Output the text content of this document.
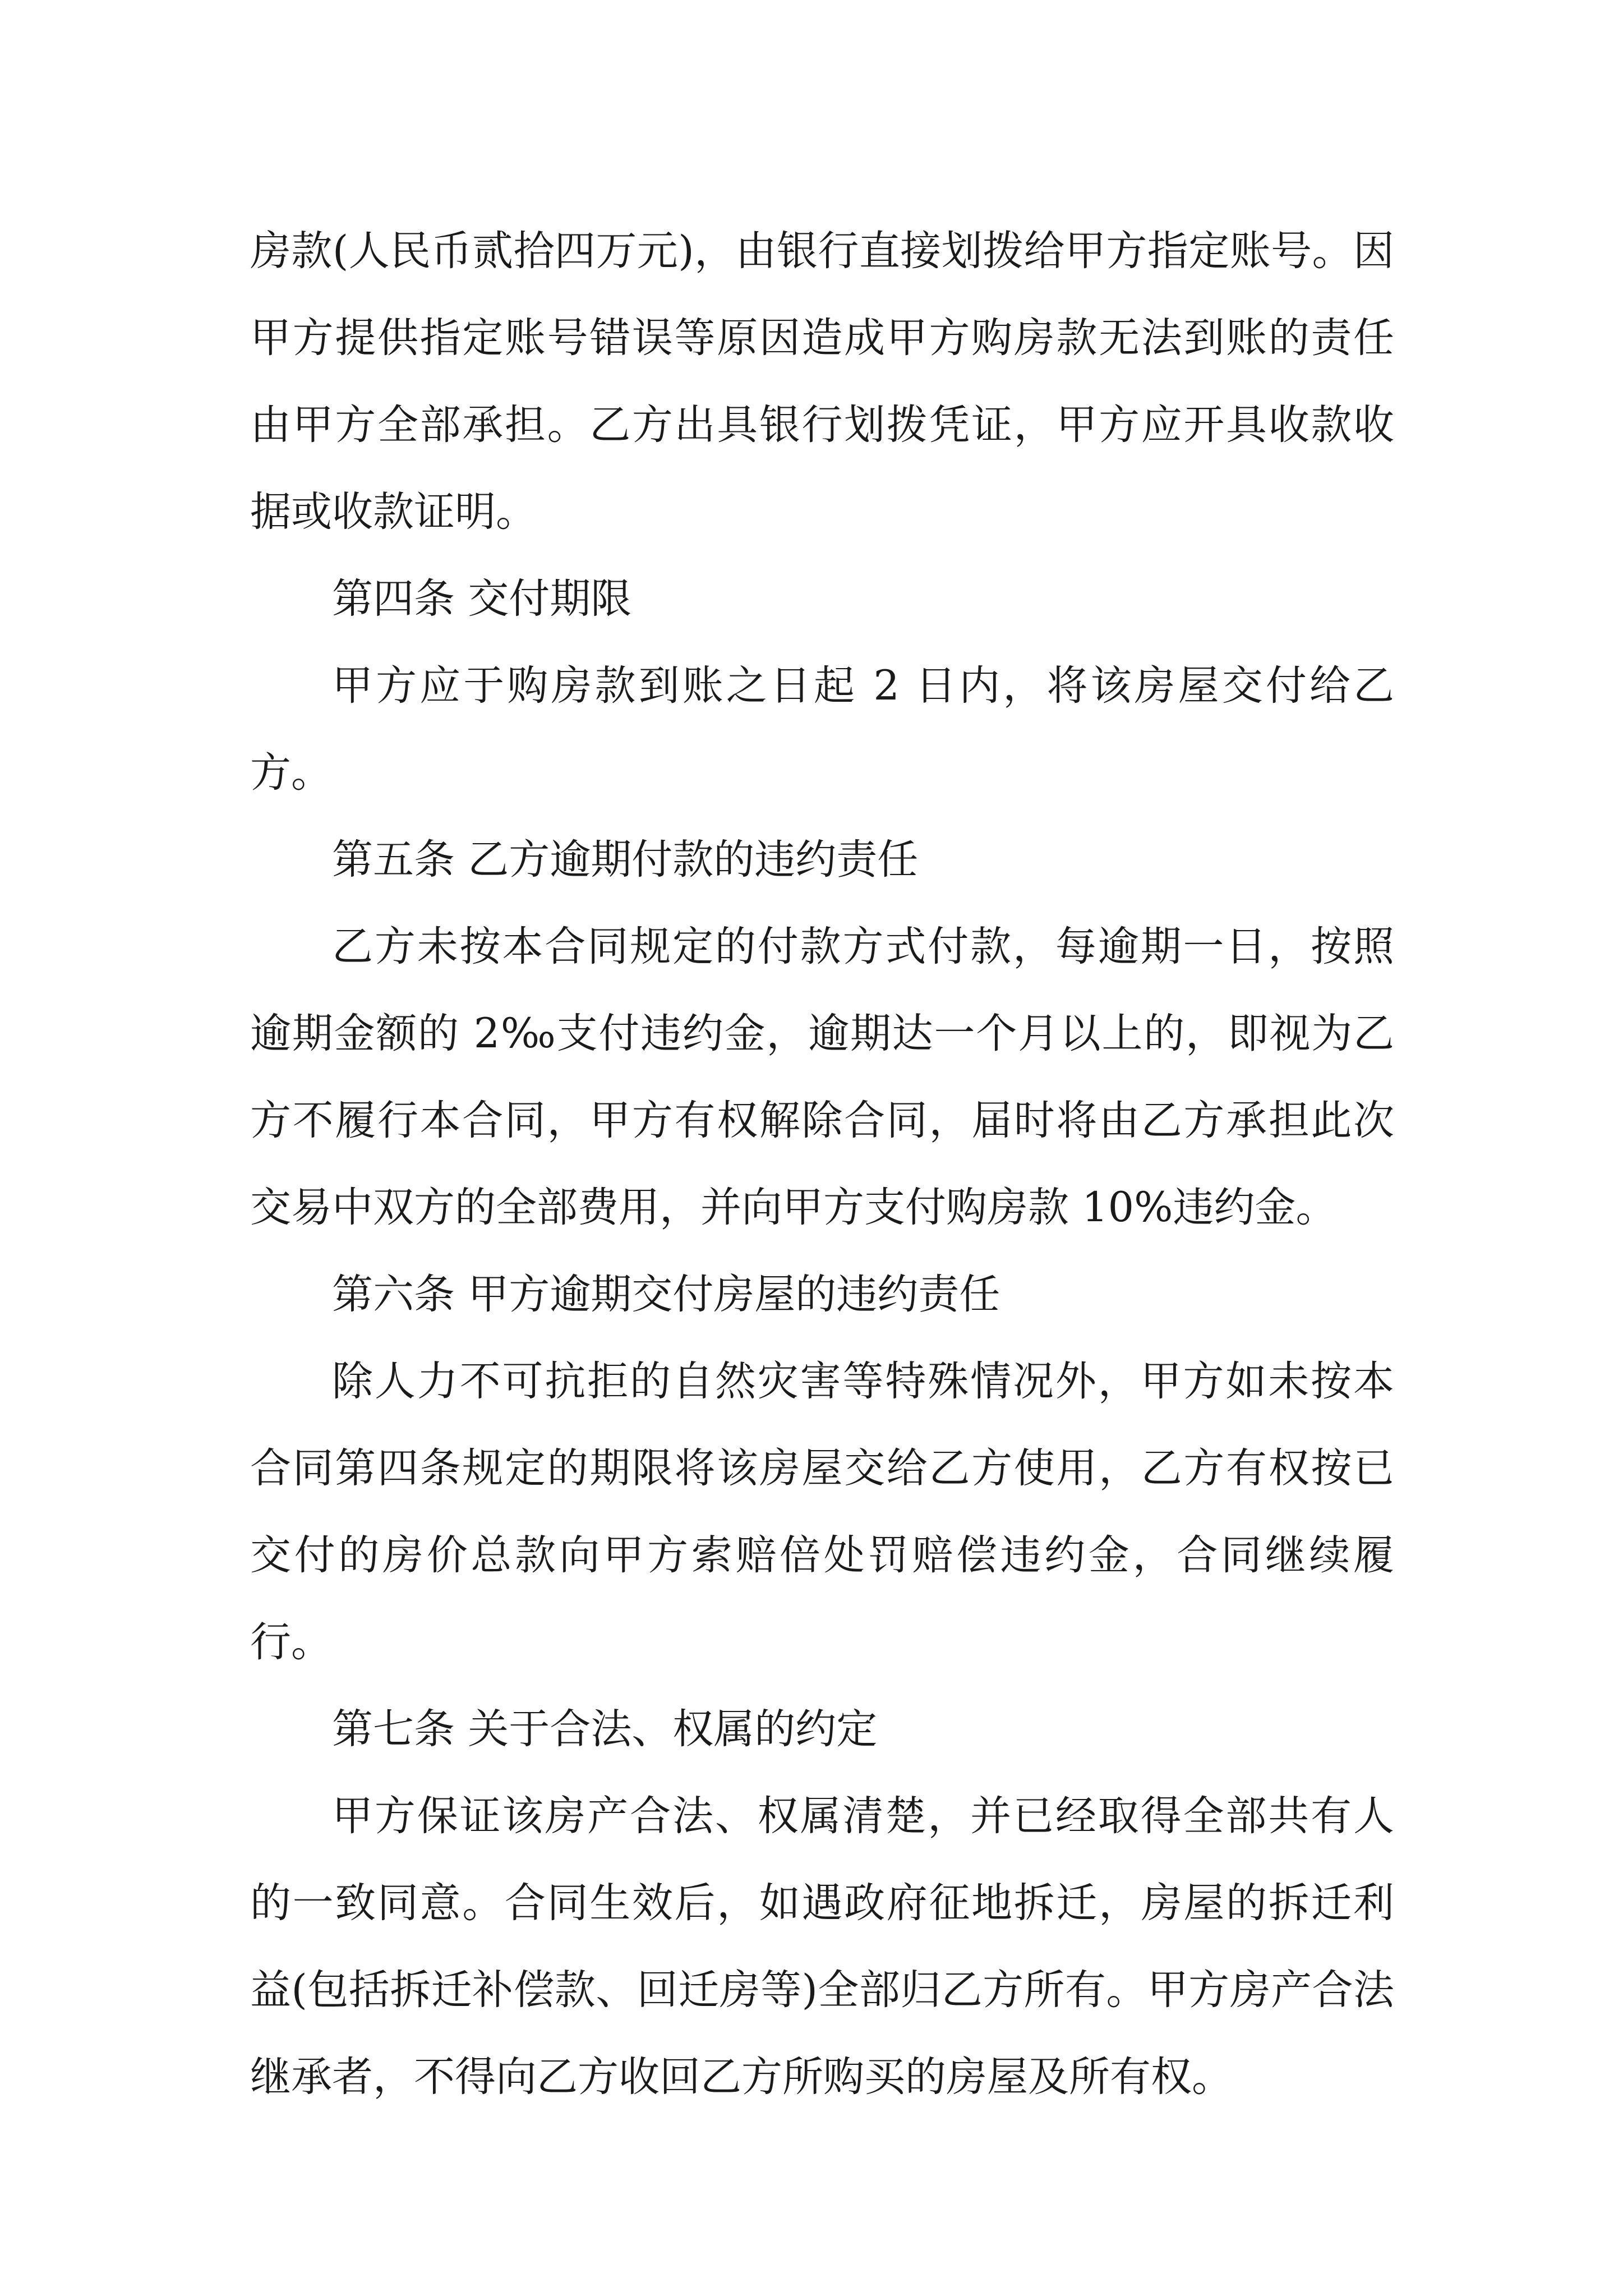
房款(人民币贰拾四万元)，由银行直接划拨给甲方指定账号。因甲方提供指定账号错误等原因造成甲方购房款无法到账的责任由甲方全部承担。乙方出具银行划拨凭证，甲方应开具收款收据或收款证明。

第四条 交付期限

甲方应于购房款到账之日起 2 日内，将该房屋交付给乙方。

第五条 乙方逾期付款的违约责任

乙方未按本合同规定的付款方式付款，每逾期一日，按照逾期金额的 2‰支付违约金，逾期达一个月以上的，即视为乙方不履行本合同，甲方有权解除合同，届时将由乙方承担此次交易中双方的全部费用，并向甲方支付购房款 10%违约金。

第六条 甲方逾期交付房屋的违约责任

除人力不可抗拒的自然灾害等特殊情况外，甲方如未按本合同第四条规定的期限将该房屋交给乙方使用，乙方有权按已交付的房价总款向甲方索赔倍处罚赔偿违约金，合同继续履行。

第七条 关于合法、权属的约定

甲方保证该房产合法、权属清楚，并已经取得全部共有人的一致同意。合同生效后，如遇政府征地拆迁，房屋的拆迁利益(包括拆迁补偿款、回迁房等)全部归乙方所有。甲方房产合法继承者，不得向乙方收回乙方所购买的房屋及所有权。
